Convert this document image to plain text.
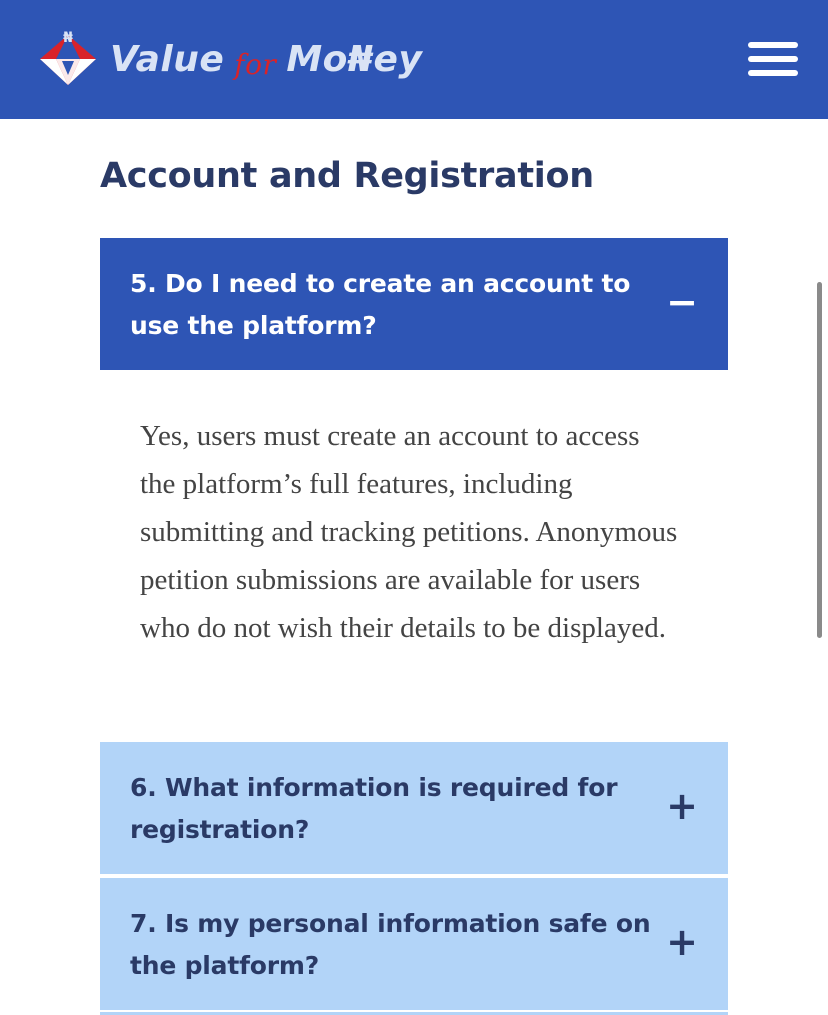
₦
Value for Mo₦ey
Account and Registration
5. Do I need to create an account to use the platform?
−

Yes, users must create an account to access the platform’s full features, including submitting and tracking petitions. Anonymous petition submissions are available for users who do not wish their details to be displayed.

6. What information is required for registration?
+
7. Is my personal information safe on the platform?
+
